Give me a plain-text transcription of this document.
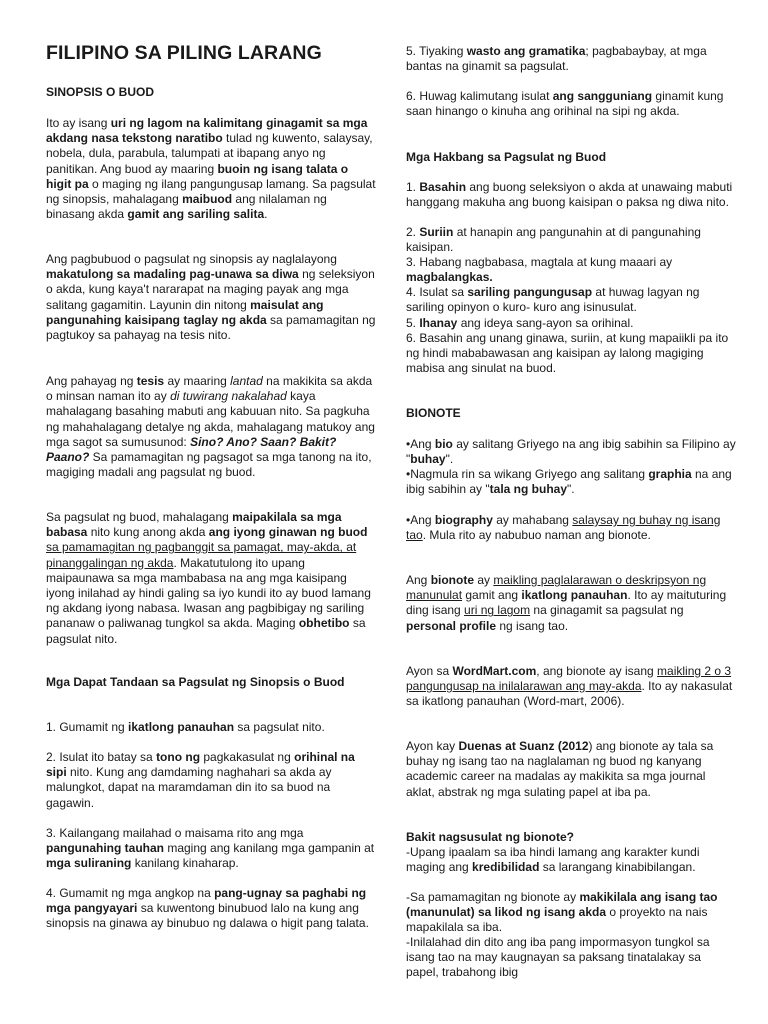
FILIPINO SA PILING LARANG
SINOPSIS O BUOD
Ito ay isang uri ng lagom na kalimitang ginagamit sa mga akdang nasa tekstong naratibo tulad ng kuwento, salaysay, nobela, dula, parabula, talumpati at ibapang anyo ng panitikan. Ang buod ay maaring buoin ng isang talata o higit pa o maging ng ilang pangungusap lamang. Sa pagsulat ng sinopsis, mahalagang maibuod ang nilalaman ng binasang akda gamit ang sariling salita.
Ang pagbubuod o pagsulat ng sinopsis ay naglalayong makatulong sa madaling pag-unawa sa diwa ng seleksiyon o akda, kung kaya't nararapat na maging payak ang mga salitang gagamitin. Layunin din nitong maisulat ang pangunahing kaisipang taglay ng akda sa pamamagitan ng pagtukoy sa pahayag na tesis nito.
Ang pahayag ng tesis ay maaring lantad na makikita sa akda o minsan naman ito ay di tuwirang nakalahad kaya mahalagang basahing mabuti ang kabuuan nito. Sa pagkuha ng mahahalagang detalye ng akda, mahalagang matukoy ang mga sagot sa sumusunod: Sino? Ano? Saan? Bakit? Paano? Sa pamamagitan ng pagsagot sa mga tanong na ito, magiging madali ang pagsulat ng buod.
Sa pagsulat ng buod, mahalagang maipakilala sa mga babasa nito kung anong akda ang iyong ginawan ng buod sa pamamagitan ng pagbanggit sa pamagat, may-akda, at pinanggalingan ng akda. Makatutulong ito upang maipaunawa sa mga mambabasa na ang mga kaisipang iyong inilahad ay hindi galing sa iyo kundi ito ay buod lamang ng akdang iyong nabasa. Iwasan ang pagbibigay ng sariling pananaw o paliwanag tungkol sa akda. Maging obhetibo sa pagsulat nito.
Mga Dapat Tandaan sa Pagsulat ng Sinopsis o Buod
1. Gumamit ng ikatlong panauhan sa pagsulat nito.
2. Isulat ito batay sa tono ng pagkakasulat ng orihinal na sipi nito. Kung ang damdaming naghahari sa akda ay malungkot, dapat na maramdaman din ito sa buod na gagawin.
3. Kailangang mailahad o maisama rito ang mga pangunahing tauhan maging ang kanilang mga gampanin at mga suliraning kanilang kinaharap.
4. Gumamit ng mga angkop na pang-ugnay sa paghabi ng mga pangyayari sa kuwentong binubuod lalo na kung ang sinopsis na ginawa ay binubuo ng dalawa o higit pang talata.
5. Tiyaking wasto ang gramatika; pagbabaybay, at mga bantas na ginamit sa pagsulat.
6. Huwag kalimutang isulat ang sangguniang ginamit kung saan hinango o kinuha ang orihinal na sipi ng akda.
Mga Hakbang sa Pagsulat ng Buod
1. Basahin ang buong seleksiyon o akda at unawaing mabuti hanggang makuha ang buong kaisipan o paksa ng diwa nito.
2. Suriin at hanapin ang pangunahin at di pangunahing kaisipan.
3. Habang nagbabasa, magtala at kung maaari ay magbalangkas.
4. Isulat sa sariling pangungusap at huwag lagyan ng sariling opinyon o kuro- kuro ang isinusulat.
5. Ihanay ang ideya sang-ayon sa orihinal.
6. Basahin ang unang ginawa, suriin, at kung mapaiikli pa ito ng hindi mababawasan ang kaisipan ay lalong magiging mabisa ang sinulat na buod.
BIONOTE
•Ang bio ay salitang Griyego na ang ibig sabihin sa Filipino ay "buhay".
•Nagmula rin sa wikang Griyego ang salitang graphia na ang ibig sabihin ay "tala ng buhay".
•Ang biography ay mahabang salaysay ng buhay ng isang tao. Mula rito ay nabubuo naman ang bionote.
Ang bionote ay maikling paglalarawan o deskripsyon ng manunulat gamit ang ikatlong panauhan. Ito ay maituturing ding isang uri ng lagom na ginagamit sa pagsulat ng personal profile ng isang tao.
Ayon sa WordMart.com, ang bionote ay isang maikling 2 o 3 pangungusap na inilalarawan ang may-akda. Ito ay nakasulat sa ikatlong panauhan (Word-mart, 2006).
Ayon kay Duenas at Suanz (2012) ang bionote ay tala sa buhay ng isang tao na naglalaman ng buod ng kanyang academic career na madalas ay makikita sa mga journal aklat, abstrak ng mga sulating papel at iba pa.
Bakit nagsusulat ng bionote?
-Upang ipaalam sa iba hindi lamang ang karakter kundi maging ang kredibilidad sa larangang kinabibilangan.
-Sa pamamagitan ng bionote ay makikilala ang isang tao (manunulat) sa likod ng isang akda o proyekto na nais mapakilala sa iba.
-Inilalahad din dito ang iba pang impormasyon tungkol sa isang tao na may kaugnayan sa paksang tinatalakay sa papel, trabahong ibig
